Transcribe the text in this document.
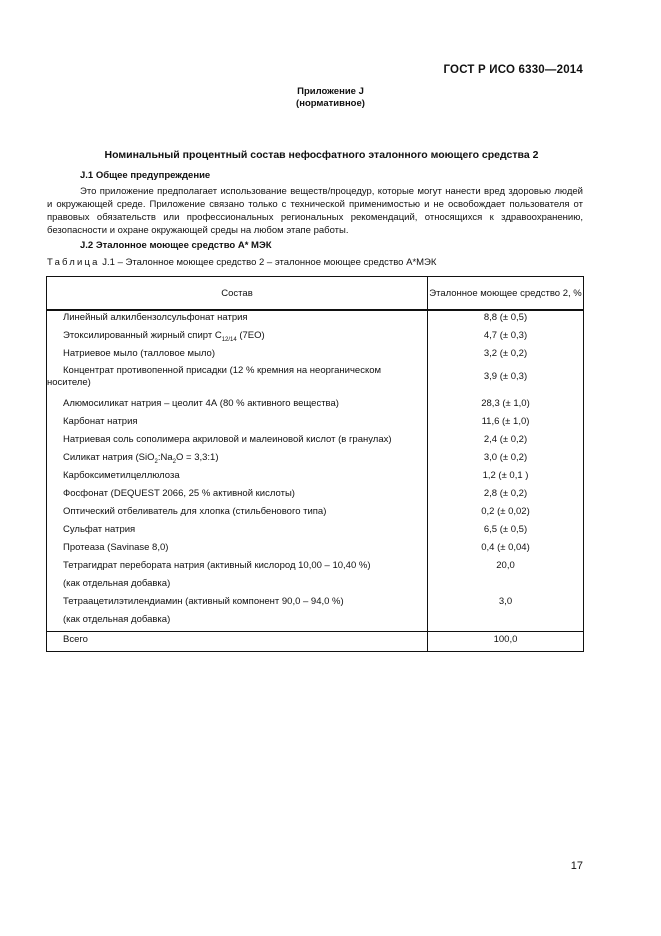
ГОСТ Р ИСО 6330—2014
Приложение J
(нормативное)
Номинальный процентный состав нефосфатного эталонного моющего средства 2
J.1 Общее предупреждение
Это приложение предполагает использование веществ/процедур, которые могут нанести вред здоровью людей и окружающей среде. Приложение связано только с технической применимостью и не освобождает пользователя от правовых обязательств или профессиональных региональных рекомендаций, относящихся к здравоохранению, безопасности и охране окружающей среды на любом этапе работы.
J.2 Эталонное моющее средство A* МЭК
Таблица J.1 – Эталонное моющее средство 2 – эталонное моющее средство A*МЭК
Состав	Эталонное моющее средство 2, %
Линейный алкилбензолсульфонат натрия	8,8 (± 0,5)
Этоксилированный жирный спирт $C_{12/14}$ (7EO)	4,7 (± 0,3)
Натриевое мыло (талловое мыло)	3,2 (± 0,2)
Концентрат противопенной присадки (12 % кремния на неорганическом носителе)	3,9 (± 0,3)
Алюмосиликат натрия – цеолит 4А (80 % активного вещества)	28,3 (± 1,0)
Карбонат натрия	11,6 (± 1,0)
Натриевая соль сополимера акриловой и малеиновой кислот (в гранулах)	2,4 (± 0,2)
Силикат натрия ($SiO_2:Na_2O$ = 3,3:1)	3,0 (± 0,2)
Карбоксиметилцеллюлоза	1,2 (± 0,1 )
Фосфонат (DEQUEST 2066, 25 % активной кислоты)	2,8 (± 0,2)
Оптический отбеливатель для хлопка (стильбенового типа)	0,2 (± 0,02)
Сульфат натрия	6,5 (± 0,5)
Протеаза (Savinase 8,0)	0,4 (± 0,04)
Тетрагидрат перебората натрия (активный кислород 10,00 – 10,40 %)	20,0
(как отдельная добавка)	
Тетраацетилэтилендиамин (активный компонент 90,0 – 94,0 %)	3,0
(как отдельная добавка)	
Всего	100,0
17
